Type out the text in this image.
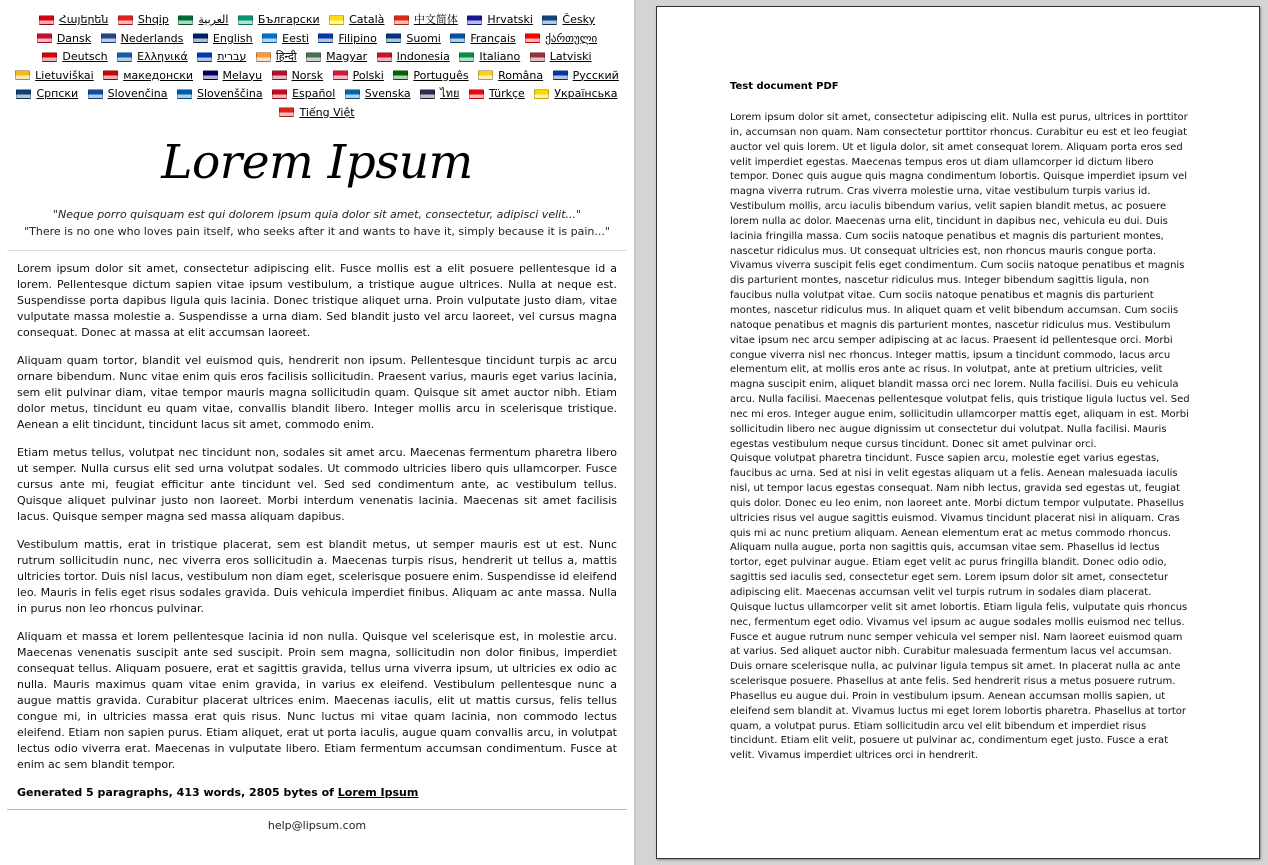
Հայերեն
	Shqip
	العربية
	Български
	Català
	中文简体
	Hrvatski
	Česky

Dansk
	Nederlands
	English
	Eesti
	Filipino
	Suomi
	Français
	ქართული

Deutsch
	Ελληνικά
	עברית
	हिन्दी
	Magyar
	Indonesia
	Italiano
	Latviski

Lietuviškai
	македонски
	Melayu
	Norsk
	Polski
	Português
	Româna
	Pусский

Српски
	Slovenčina
	Slovenščina
	Español
	Svenska
	ไทย
	Türkçe
	Українська

Tiếng Việt
Lorem Ipsum
"Neque porro quisquam est qui dolorem ipsum quia dolor sit amet, consectetur, adipisci velit..."
"There is no one who loves pain itself, who seeks after it and wants to have it, simply because it is pain..."

Lorem ipsum dolor sit amet, consectetur adipiscing elit. Fusce mollis est a elit posuere pellentesque id a lorem. Pellentesque dictum sapien vitae ipsum vestibulum, a tristique augue ultrices. Nulla at neque est. Suspendisse porta dapibus ligula quis lacinia. Donec tristique aliquet urna. Proin vulputate justo diam, vitae vulputate massa molestie a. Suspendisse a urna diam. Sed blandit justo vel arcu laoreet, vel cursus magna consequat. Donec at massa at elit accumsan laoreet.

Aliquam quam tortor, blandit vel euismod quis, hendrerit non ipsum. Pellentesque tincidunt turpis ac arcu ornare bibendum. Nunc vitae enim quis eros facilisis sollicitudin. Praesent varius, mauris eget varius lacinia, sem elit pulvinar diam, vitae tempor mauris magna sollicitudin quam. Quisque sit amet auctor nibh. Etiam dolor metus, tincidunt eu quam vitae, convallis blandit libero. Integer mollis arcu in scelerisque tristique. Aenean a elit tincidunt, tincidunt lacus sit amet, commodo enim.

Etiam metus tellus, volutpat nec tincidunt non, sodales sit amet arcu. Maecenas fermentum pharetra libero ut semper. Nulla cursus elit sed urna volutpat sodales. Ut commodo ultricies libero quis ullamcorper. Fusce cursus ante mi, feugiat efficitur ante tincidunt vel. Sed sed condimentum ante, ac vestibulum tellus. Quisque aliquet pulvinar justo non laoreet. Morbi interdum venenatis lacinia. Maecenas sit amet facilisis lacus. Quisque semper magna sed massa aliquam dapibus.

Vestibulum mattis, erat in tristique placerat, sem est blandit metus, ut semper mauris est ut est. Nunc rutrum sollicitudin nunc, nec viverra eros sollicitudin a. Maecenas turpis risus, hendrerit ut tellus a, mattis ultricies tortor. Duis nisl lacus, vestibulum non diam eget, scelerisque posuere enim. Suspendisse id eleifend leo. Mauris in felis eget risus sodales gravida. Duis vehicula imperdiet finibus. Aliquam ac ante massa. Nulla in purus non leo rhoncus pulvinar.

Aliquam et massa et lorem pellentesque lacinia id non nulla. Quisque vel scelerisque est, in molestie arcu. Maecenas venenatis suscipit ante sed suscipit. Proin sem magna, sollicitudin non dolor finibus, imperdiet consequat tellus. Aliquam posuere, erat et sagittis gravida, tellus urna viverra ipsum, ut ultricies ex odio ac nulla. Mauris maximus quam vitae enim gravida, in varius ex eleifend. Vestibulum pellentesque nunc a augue mattis gravida. Curabitur placerat ultrices enim. Maecenas iaculis, elit ut mattis cursus, felis tellus congue mi, in ultricies massa erat quis risus. Nunc luctus mi vitae quam lacinia, non commodo lectus eleifend. Etiam non sapien purus. Etiam aliquet, erat ut porta iaculis, augue quam convallis arcu, in volutpat lectus odio viverra erat. Maecenas in vulputate libero. Etiam fermentum accumsan condimentum. Fusce at enim ac sem blandit tempor.

Generated 5 paragraphs, 413 words, 2805 bytes of Lorem Ipsum
help@lipsum.com
Test document PDF

Lorem ipsum dolor sit amet, consectetur adipiscing elit. Nulla est purus, ultrices in porttitor in, accumsan non quam. Nam consectetur porttitor rhoncus. Curabitur eu est et leo feugiat auctor vel quis lorem. Ut et ligula dolor, sit amet consequat lorem. Aliquam porta eros sed velit imperdiet egestas. Maecenas tempus eros ut diam ullamcorper id dictum libero tempor. Donec quis augue quis magna condimentum lobortis. Quisque imperdiet ipsum vel magna viverra rutrum. Cras viverra molestie urna, vitae vestibulum turpis varius id. Vestibulum mollis, arcu iaculis bibendum varius, velit sapien blandit metus, ac posuere lorem nulla ac dolor. Maecenas urna elit, tincidunt in dapibus nec, vehicula eu dui. Duis lacinia fringilla massa. Cum sociis natoque penatibus et magnis dis parturient montes, nascetur ridiculus mus. Ut consequat ultricies est, non rhoncus mauris congue porta. Vivamus viverra suscipit felis eget condimentum. Cum sociis natoque penatibus et magnis dis parturient montes, nascetur ridiculus mus. Integer bibendum sagittis ligula, non faucibus nulla volutpat vitae. Cum sociis natoque penatibus et magnis dis parturient montes, nascetur ridiculus mus. In aliquet quam et velit bibendum accumsan. Cum sociis natoque penatibus et magnis dis parturient montes, nascetur ridiculus mus. Vestibulum vitae ipsum nec arcu semper adipiscing at ac lacus. Praesent id pellentesque orci. Morbi congue viverra nisl nec rhoncus. Integer mattis, ipsum a tincidunt commodo, lacus arcu elementum elit, at mollis eros ante ac risus. In volutpat, ante at pretium ultricies, velit magna suscipit enim, aliquet blandit massa orci nec lorem. Nulla facilisi. Duis eu vehicula arcu. Nulla facilisi. Maecenas pellentesque volutpat felis, quis tristique ligula luctus vel. Sed nec mi eros. Integer augue enim, sollicitudin ullamcorper mattis eget, aliquam in est. Morbi sollicitudin libero nec augue dignissim ut consectetur dui volutpat. Nulla facilisi. Mauris egestas vestibulum neque cursus tincidunt. Donec sit amet pulvinar orci.

Quisque volutpat pharetra tincidunt. Fusce sapien arcu, molestie eget varius egestas, faucibus ac urna. Sed at nisi in velit egestas aliquam ut a felis. Aenean malesuada iaculis nisl, ut tempor lacus egestas consequat. Nam nibh lectus, gravida sed egestas ut, feugiat quis dolor. Donec eu leo enim, non laoreet ante. Morbi dictum tempor vulputate. Phasellus ultricies risus vel augue sagittis euismod. Vivamus tincidunt placerat nisi in aliquam. Cras quis mi ac nunc pretium aliquam. Aenean elementum erat ac metus commodo rhoncus. Aliquam nulla augue, porta non sagittis quis, accumsan vitae sem. Phasellus id lectus tortor, eget pulvinar augue. Etiam eget velit ac purus fringilla blandit. Donec odio odio, sagittis sed iaculis sed, consectetur eget sem. Lorem ipsum dolor sit amet, consectetur adipiscing elit. Maecenas accumsan velit vel turpis rutrum in sodales diam placerat.

Quisque luctus ullamcorper velit sit amet lobortis. Etiam ligula felis, vulputate quis rhoncus nec, fermentum eget odio. Vivamus vel ipsum ac augue sodales mollis euismod nec tellus. Fusce et augue rutrum nunc semper vehicula vel semper nisl. Nam laoreet euismod quam at varius. Sed aliquet auctor nibh. Curabitur malesuada fermentum lacus vel accumsan. Duis ornare scelerisque nulla, ac pulvinar ligula tempus sit amet. In placerat nulla ac ante scelerisque posuere. Phasellus at ante felis. Sed hendrerit risus a metus posuere rutrum. Phasellus eu augue dui. Proin in vestibulum ipsum. Aenean accumsan mollis sapien, ut eleifend sem blandit at. Vivamus luctus mi eget lorem lobortis pharetra. Phasellus at tortor quam, a volutpat purus. Etiam sollicitudin arcu vel elit bibendum et imperdiet risus tincidunt. Etiam elit velit, posuere ut pulvinar ac, condimentum eget justo. Fusce a erat velit. Vivamus imperdiet ultrices orci in hendrerit.
